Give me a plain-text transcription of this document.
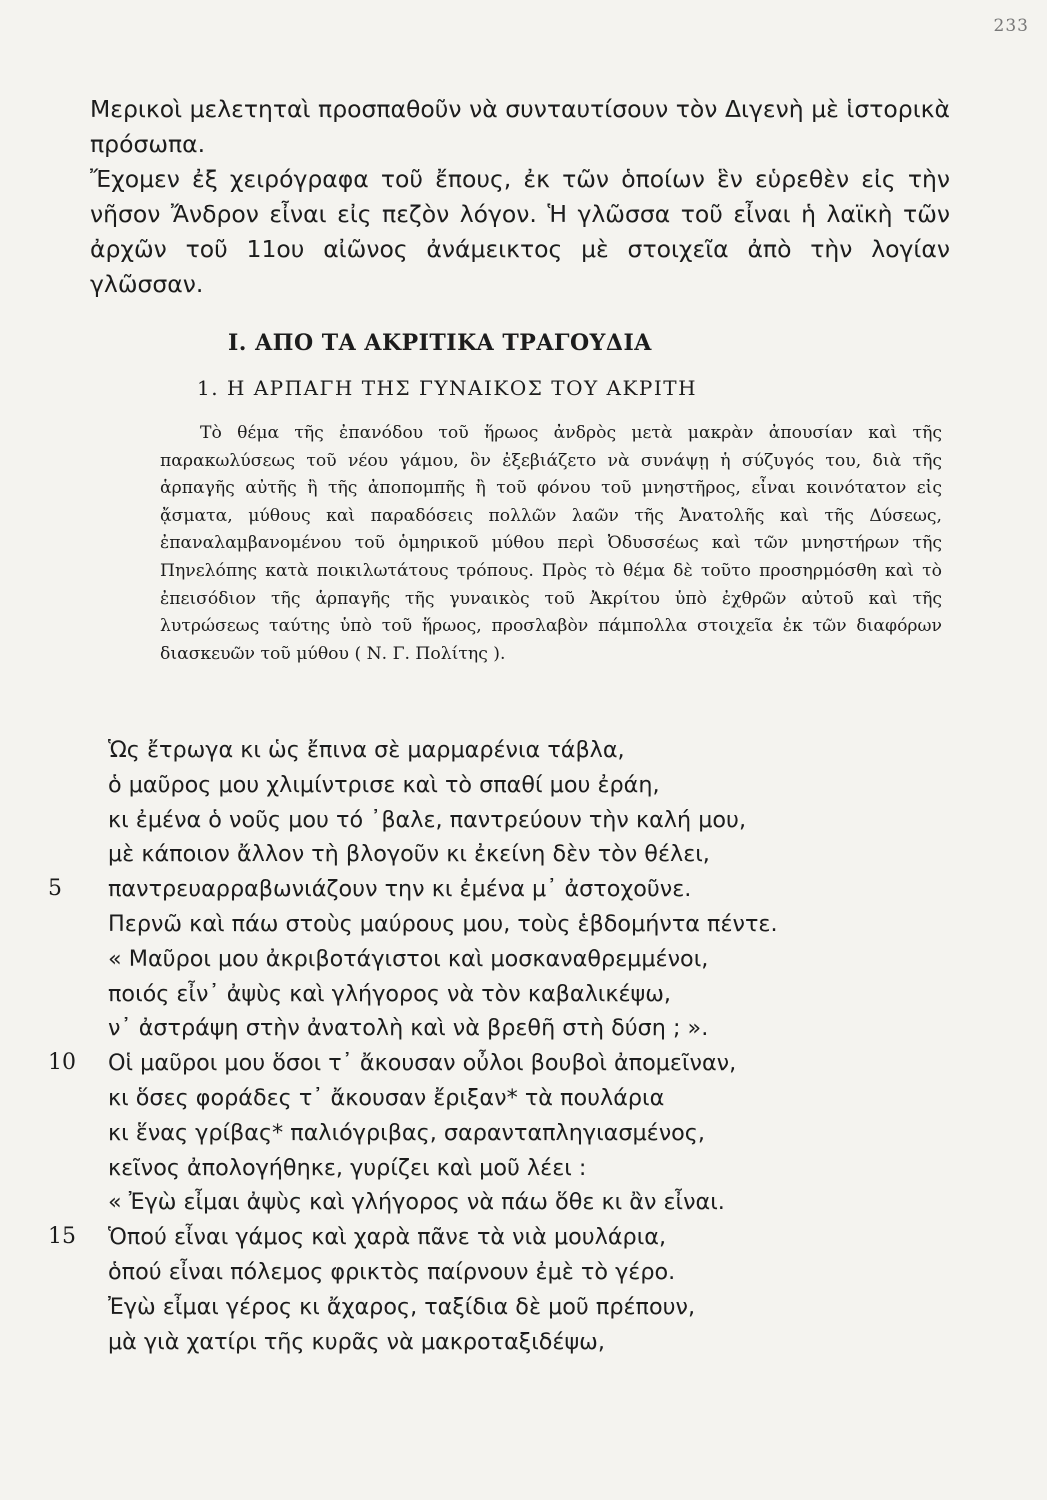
233

Μερικοὶ μελετηταὶ προσπαθοῦν νὰ συνταυτίσουν τὸν Διγενὴ μὲ ἱστορικὰ πρόσωπα.

Ἔχομεν ἐξ χειρόγραφα τοῦ ἔπους, ἐκ τῶν ὁποίων ἓν εὑρεθὲν εἰς τὴν νῆσον Ἄνδρον εἶναι εἰς πεζὸν λόγον. Ἡ γλῶσσα τοῦ εἶναι ἡ λαϊκὴ τῶν ἀρχῶν τοῦ 11ου αἰῶνος ἀνάμεικτος μὲ στοιχεῖα ἀπὸ τὴν λογίαν γλῶσσαν.

I. ΑΠΟ ΤΑ ΑΚΡΙΤΙΚΑ ΤΡΑΓΟΥΔΙΑ
1. Η ΑΡΠΑΓΗ ΤΗΣ ΓΥΝΑΙΚΟΣ ΤΟΥ ΑΚΡΙΤΗ

Τὸ θέμα τῆς ἐπανόδου τοῦ ἥρωος ἀνδρὸς μετὰ μακρὰν ἀπουσίαν καὶ τῆς παρακωλύσεως τοῦ νέου γάμου, ὃν ἐξεβιάζετο νὰ συνάψῃ ἡ σύζυγός του, διὰ τῆς ἁρπαγῆς αὐτῆς ἢ τῆς ἀποπομπῆς ἢ τοῦ φόνου τοῦ μνηστῆρος, εἶναι κοινότατον εἰς ᾄσματα, μύθους καὶ παραδόσεις πολλῶν λαῶν τῆς Ἀνατολῆς καὶ τῆς Δύσεως, ἐπαναλαμβανομένου τοῦ ὁμηρικοῦ μύθου περὶ Ὀδυσσέως καὶ τῶν μνηστήρων τῆς Πηνελόπης κατὰ ποικιλωτάτους τρόπους. Πρὸς τὸ θέμα δὲ τοῦτο προσηρμόσθη καὶ τὸ ἐπεισόδιον τῆς ἁρπαγῆς τῆς γυναικὸς τοῦ Ἀκρίτου ὑπὸ ἐχθρῶν αὐτοῦ καὶ τῆς λυτρώσεως ταύτης ὑπὸ τοῦ ἥρωος, προσλαβὸν πάμπολλα στοιχεῖα ἐκ τῶν διαφόρων διασκευῶν τοῦ μύθου ( Ν. Γ. Πολίτης ).

Ὡς ἔτρωγα κι ὡς ἔπινα σὲ μαρμαρένια τάβλα,
ὁ μαῦρος μου χλιμίντρισε καὶ τὸ σπαθί μου ἐράη,
κι ἐμένα ὁ νοῦς μου τό ᾽βαλε, παντρεύουν τὴν καλή μου,
μὲ κάποιον ἄλλον τὴ βλογοῦν κι ἐκείνη δὲν τὸν θέλει,
5	παντρευαρραβωνιάζουν την κι ἐμένα μ᾽ ἀστοχοῦνε.
Περνῶ καὶ πάω στοὺς μαύρους μου, τοὺς ἑβδομήντα πέντε.
« Μαῦροι μου ἀκριβοτάγιστοι καὶ μοσκαναθρεμμένοι,
ποιός εἶν᾽ ἀψὺς καὶ γλήγορος νὰ τὸν καβαλικέψω,
ν᾽ ἀστράψη στὴν ἀνατολὴ καὶ νὰ βρεθῆ στὴ δύση ; ».
10	Οἱ μαῦροι μου ὅσοι τ᾽ ἄκουσαν οὖλοι βουβοὶ ἀπομεῖναν,
κι ὅσες φοράδες τ᾽ ἄκουσαν ἔριξαν* τὰ πουλάρια
κι ἕνας γρίβας* παλιόγριβας, σαρανταπληγιασμένος,
κεῖνος ἀπολογήθηκε, γυρίζει καὶ μοῦ λέει :
« Ἐγὼ εἶμαι ἀψὺς καὶ γλήγορος νὰ πάω ὅθε κι ἂν εἶναι.
15	Ὁπού εἶναι γάμος καὶ χαρὰ πᾶνε τὰ νιὰ μουλάρια,
ὁπού εἶναι πόλεμος φρικτὸς παίρνουν ἐμὲ τὸ γέρο.
Ἐγὼ εἶμαι γέρος κι ἄχαρος, ταξίδια δὲ μοῦ πρέπουν,
μὰ γιὰ χατίρι τῆς κυρᾶς νὰ μακροταξιδέψω,
